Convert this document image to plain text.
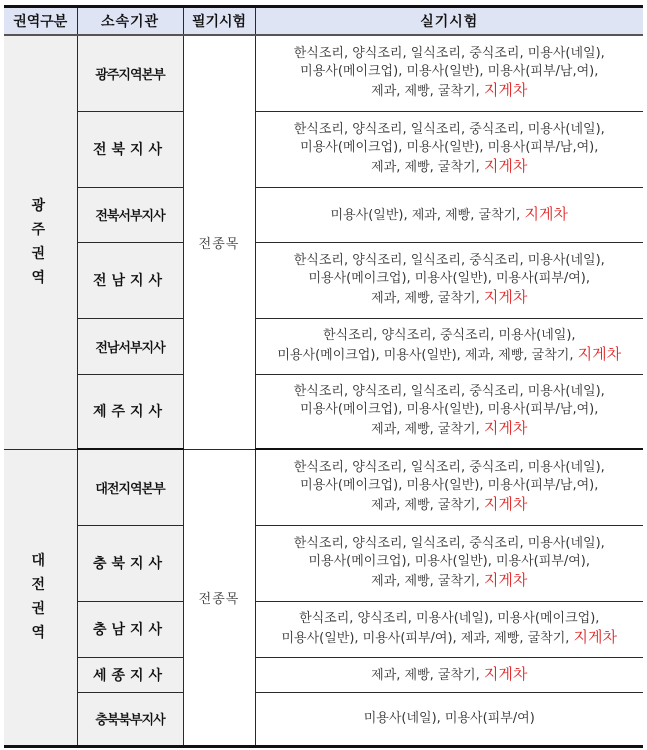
권역구분	소속기관	필기시험	실기시험

광 주
권 역	광주지역본부	전종목	한식조리, 양식조리, 일식조리, 중식조리, 미용사(네일),
미용사(메이크업), 미용사(일반), 미용사(피부/남,여),
제과, 제빵, 굴착기, 지게차

	전북지사		한식조리, 양식조리, 일식조리, 중식조리, 미용사(네일),
미용사(메이크업), 미용사(일반), 미용사(피부/남,여),
제과, 제빵, 굴착기, 지게차

	전북서부지사		미용사(일반), 제과, 제빵, 굴착기, 지게차

	전남지사		한식조리, 양식조리, 일식조리, 중식조리, 미용사(네일),
미용사(메이크업), 미용사(일반), 미용사(피부/여),
제과, 제빵, 굴착기, 지게차

	전남서부지사		한식조리, 양식조리, 중식조리, 미용사(네일),
미용사(메이크업), 미용사(일반), 제과, 제빵, 굴착기, 지게차

	제주지사		한식조리, 양식조리, 일식조리, 중식조리, 미용사(네일),
미용사(메이크업), 미용사(일반), 미용사(피부/남,여),
제과, 제빵, 굴착기, 지게차

대 전
권 역	대전지역본부	전종목	한식조리, 양식조리, 일식조리, 중식조리, 미용사(네일),
미용사(메이크업), 미용사(일반), 미용사(피부/남,여),
제과, 제빵, 굴착기, 지게차

	충북지사		한식조리, 양식조리, 일식조리, 중식조리, 미용사(네일),
미용사(메이크업), 미용사(일반), 미용사(피부/여),
제과, 제빵, 굴착기, 지게차

	충남지사		한식조리, 양식조리, 미용사(네일), 미용사(메이크업),
미용사(일반), 미용사(피부/여), 제과, 제빵, 굴착기, 지게차

	세종지사		제과, 제빵, 굴착기, 지게차

	충북북부지사		미용사(네일), 미용사(피부/여)
